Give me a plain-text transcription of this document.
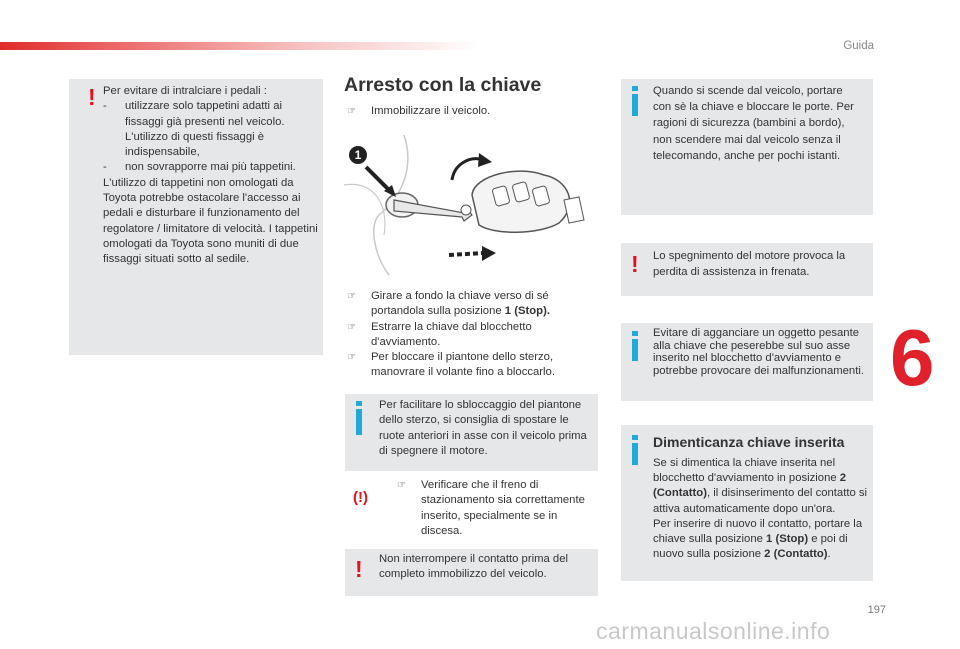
Guida
6
197
carmanualsonline.info
! Per evitare di intralciare i pedali :
- utilizzare solo tappetini adatti ai fissaggi già presenti nel veicolo. L'utilizzo di questi fissaggi è indispensabile,
- non sovrapporre mai più tappetini.
L'utilizzo di tappetini non omologati da Toyota potrebbe ostacolare l'accesso ai pedali e disturbare il funzionamento del regolatore / limitatore di velocità. I tappetini omologati da Toyota sono muniti di due fissaggi situati sotto al sedile.
Arresto con la chiave
☞ Immobilizzare il veicolo.
1
☞ Girare a fondo la chiave verso di sé portandola sulla posizione 1 (Stop).
☞ Estrarre la chiave dal blocchetto d'avviamento.
☞ Per bloccare il piantone dello sterzo, manovrare il volante fino a bloccarlo.
Per facilitare lo sbloccaggio del piantone dello sterzo, si consiglia di spostare le ruote anteriori in asse con il veicolo prima di spegnere il motore.
(!)
☞ Verificare che il freno di stazionamento sia correttamente inserito, specialmente se in discesa.
! Non interrompere il contatto prima del completo immobilizzo del veicolo.
Quando si scende dal veicolo, portare con sè la chiave e bloccare le porte. Per ragioni di sicurezza (bambini a bordo), non scendere mai dal veicolo senza il telecomando, anche per pochi istanti.
! Lo spegnimento del motore provoca la perdita di assistenza in frenata.
Evitare di agganciare un oggetto pesante alla chiave che peserebbe sul suo asse inserito nel blocchetto d'avviamento e potrebbe provocare dei malfunzionamenti.
Dimenticanza chiave inserita
Se si dimentica la chiave inserita nel blocchetto d'avviamento in posizione 2 (Contatto), il disinserimento del contatto si attiva automaticamente dopo un'ora.
Per inserire di nuovo il contatto, portare la chiave sulla posizione 1 (Stop) e poi di nuovo sulla posizione 2 (Contatto).
